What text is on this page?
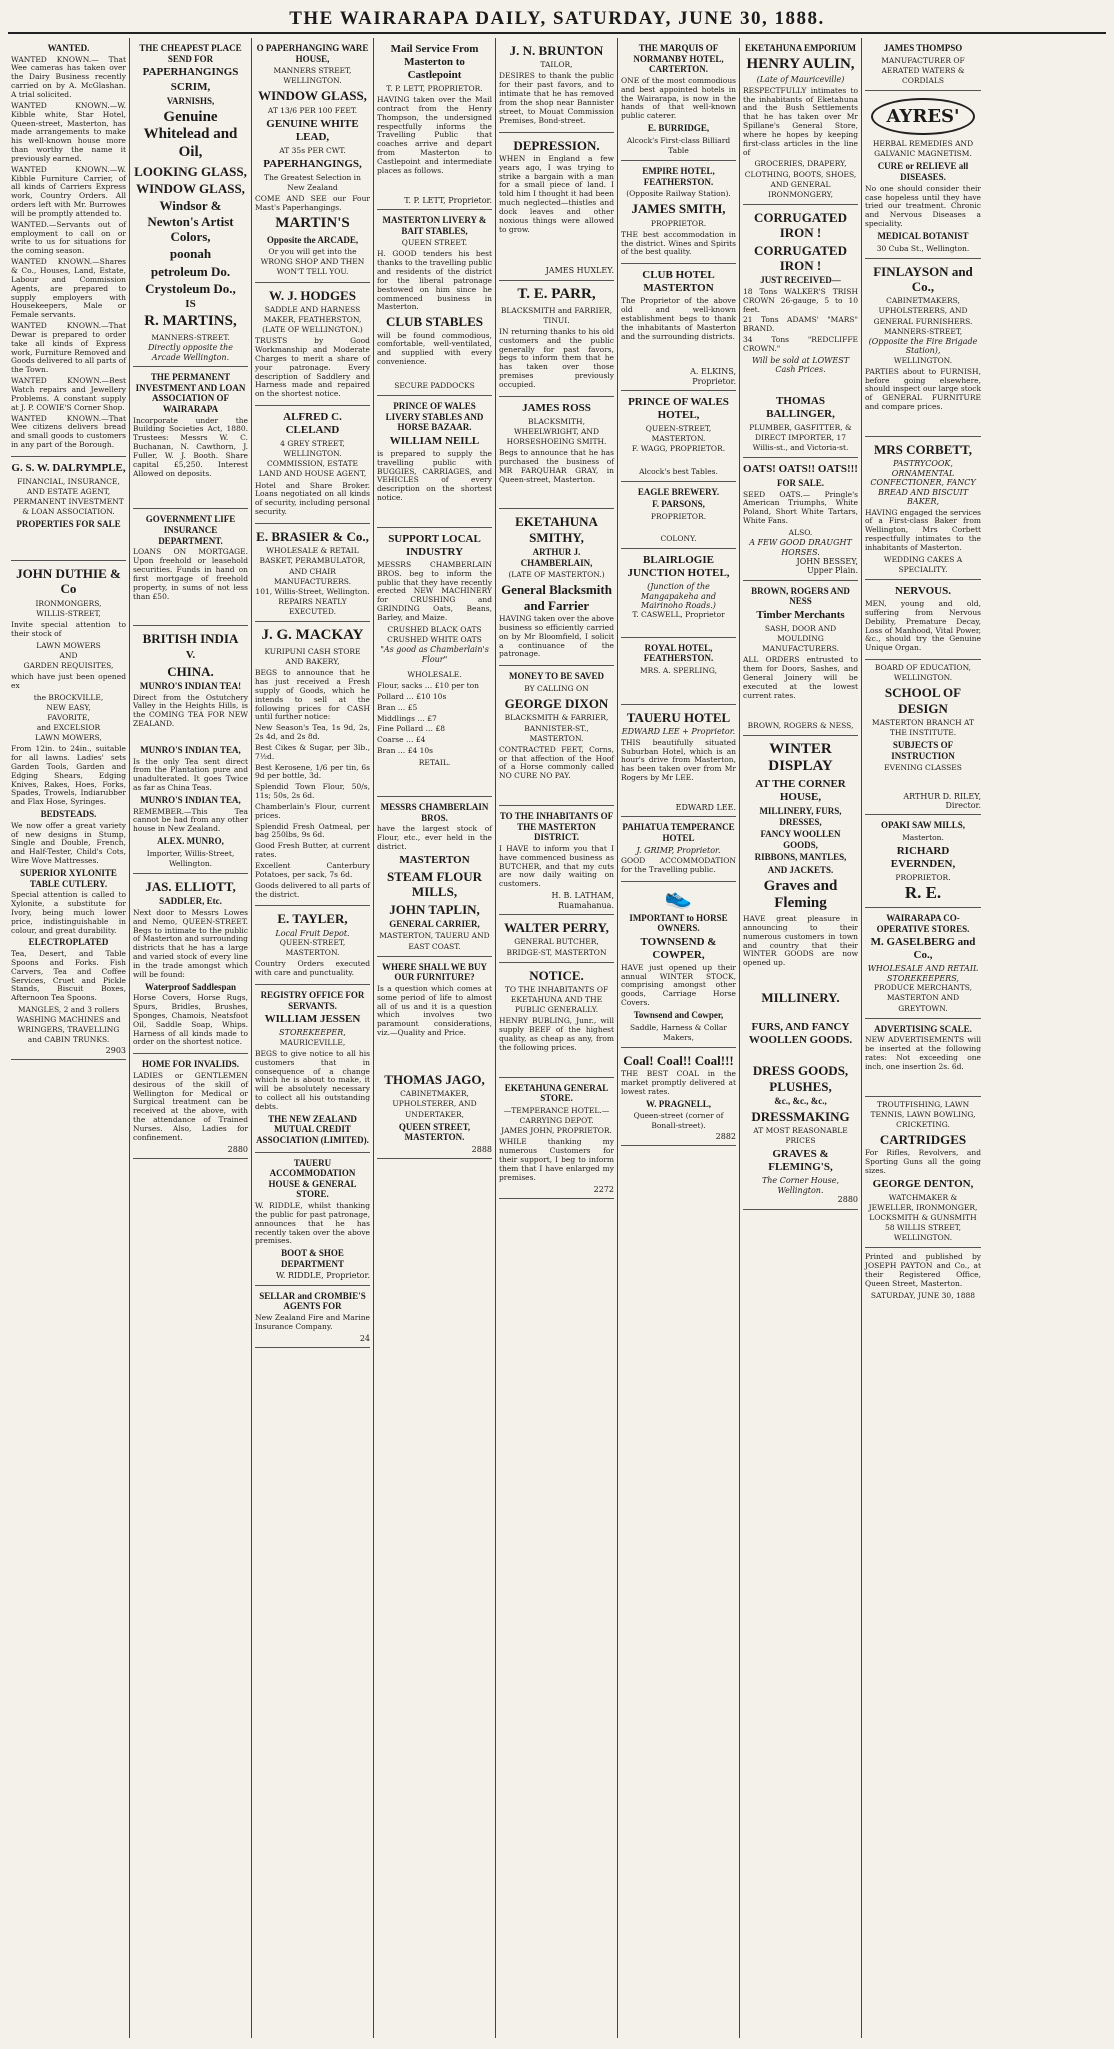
THE WAIRARAPA DAILY, SATURDAY, JUNE 30, 1888.
WANTED.
WANTED KNOWN.— That Wee cameras has taken over the Dairy Business recently carried on by A. McGlashan. A trial solicited.
WANTED KNOWN.—W. Kibble white, Star Hotel, Queen-street, Masterton, has made arrangements to make his well-known house more than worthy the name it previously earned.
WANTED KNOWN.—W. Kibble Furniture Carrier, of all kinds of Carriers Express work, Country Orders. All orders left with Mr. Burrowes will be promptly attended to.
WANTED.—Servants out of employment to call on or write to us for situations for the coming season.
WANTED KNOWN.—Shares & Co., Houses, Land, Estate, Labour and Commission Agents, are prepared to supply employers with Housekeepers, Male or Female servants.
WANTED KNOWN.—That Dewar is prepared to order take all kinds of Express work, Furniture Removed and Goods delivered to all parts of the Town.
WANTED KNOWN.—Best Watch repairs and Jewellery Problems. A constant supply at J. P. COWIE'S Corner Shop.
WANTED KNOWN.—That Wee citizens delivers bread and small goods to customers in any part of the Borough.
G. S. W. DALRYMPLE,
FINANCIAL, INSURANCE, AND ESTATE AGENT, PERMANENT INVESTMENT & LOAN ASSOCIATION.
PROPERTIES FOR SALE
JOHN DUTHIE & Co
IRONMONGERS,
WILLIS-STREET,
Invite special attention to their stock of
LAWN MOWERS
AND
GARDEN REQUISITES,
which have just been opened ex
the BROCKVILLE,
NEW EASY,
FAVORITE,
and EXCELSIOR
LAWN MOWERS,
From 12in. to 24in., suitable for all lawns. Ladies' sets Garden Tools, Garden and Edging Shears, Edging Knives, Rakes, Hoes, Forks, Spades, Trowels, Indiarubber and Flax Hose, Syringes.
BEDSTEADS.
We now offer a great variety of new designs in Stump, Single and Double, French, and Half-Tester, Child's Cots, Wire Wove Mattresses.
SUPERIOR XYLONITE TABLE CUTLERY.
Special attention is called to Xylonite, a substitute for Ivory, being much lower price, indistinguishable in colour, and great durability.
ELECTROPLATED
Tea, Desert, and Table Spoons and Forks. Fish Carvers, Tea and Coffee Services, Cruet and Pickle Stands, Biscuit Boxes, Afternoon Tea Spoons.
MANGLES, 2 and 3 rollers
WASHING MACHINES and WRINGERS, TRAVELLING and CABIN TRUNKS.
2903
THE CHEAPEST PLACE SEND FOR
PAPERHANGINGS
SCRIM,
VARNISHS,
Genuine Whitelead and Oil,
LOOKING GLASS,
WINDOW GLASS,
Windsor & Newton's Artist Colors,
poonah
petroleum Do.
Crystoleum Do.,
IS
R. MARTINS,
MANNERS-STREET.
Directly opposite the Arcade Wellington.
THE PERMANENT INVESTMENT AND LOAN ASSOCIATION OF WAIRARAPA
Incorporate under the Building Societies Act, 1880. Trustees: Messrs W. C. Buchanan, N. Cawthorn, J. Fuller, W. J. Booth. Share capital £5,250. Interest Allowed on deposits.
GOVERNMENT LIFE INSURANCE DEPARTMENT.
LOANS ON MORTGAGE. Upon freehold or leasehold securities. Funds in hand on first mortgage of freehold property, in sums of not less than £50.
BRITISH INDIA
V.
CHINA.
MUNRO'S INDIAN TEA!
Direct from the Ostutchery Valley in the Heights Hills, is the COMING TEA FOR NEW ZEALAND.
MUNRO'S INDIAN TEA,
Is the only Tea sent direct from the Plantation pure and unadulterated. It goes Twice as far as China Teas.
MUNRO'S INDIAN TEA,
REMEMBER.—This Tea cannot be had from any other house in New Zealand.
ALEX. MUNRO,
Importer, Willis-Street, Wellington.
JAS. ELLIOTT,
SADDLER, Etc.
Next door to Messrs Lowes and Nemo, QUEEN-STREET. Begs to intimate to the public of Masterton and surrounding districts that he has a large and varied stock of every line in the trade amongst which will be found:
Waterproof Saddlespan
Horse Covers, Horse Rugs, Spurs, Bridles, Brushes, Sponges, Chamois, Neatsfoot Oil, Saddle Soap, Whips. Harness of all kinds made to order on the shortest notice.
HOME FOR INVALIDS.
LADIES or GENTLEMEN desirous of the skill of Wellington for Medical or Surgical treatment can be received at the above, with the attendance of Trained Nurses. Also, Ladies for confinement.
2880
O PAPERHANGING WARE HOUSE,
MANNERS STREET, WELLINGTON.
WINDOW GLASS,
AT 13/6 PER 100 FEET.
GENUINE WHITE LEAD,
AT 35s PER CWT.
PAPERHANGINGS,
The Greatest Selection in New Zealand
COME AND SEE our Four Mast's Paperhangings.
MARTIN'S
Opposite the ARCADE,
Or you will get into the WRONG SHOP AND THEN WON'T TELL YOU.
W. J. HODGES
SADDLE AND HARNESS MAKER, FEATHERSTON,
(LATE OF WELLINGTON.)
TRUSTS by Good Workmanship and Moderate Charges to merit a share of your patronage. Every description of Saddlery and Harness made and repaired on the shortest notice.
ALFRED C. CLELAND
4 GREY STREET, WELLINGTON.
COMMISSION, ESTATE LAND AND HOUSE AGENT,
Hotel and Share Broker. Loans negotiated on all kinds of security, including personal security.
E. BRASIER & Co.,
WHOLESALE & RETAIL
BASKET, PERAMBULATOR, AND CHAIR MANUFACTURERS.
101, Willis-Street, Wellington.
REPAIRS NEATLY EXECUTED.
J. G. MACKAY
KURIPUNI CASH STORE AND BAKERY,
BEGS to announce that he has just received a Fresh supply of Goods, which he intends to sell at the following prices for CASH until further notice:
New Season's Tea, 1s 9d, 2s, 2s 4d, and 2s 8d.
Best Cikes & Sugar, per 3lb., 7½d.
Best Kerosene, 1/6 per tin, 6s 9d per bottle, 3d.
Splendid Town Flour, 50/s, 11s; 50s, 2s 6d.
Chamberlain's Flour, current prices.
Splendid Fresh Oatmeal, per bag 250lbs, 9s 6d.
Good Fresh Butter, at current rates.
Excellent Canterbury Potatoes, per sack, 7s 6d.
Goods delivered to all parts of the district.
E. TAYLER,
Local Fruit Depot.
QUEEN-STREET, MASTERTON.
Country Orders executed with care and punctuality.
REGISTRY OFFICE FOR SERVANTS.
WILLIAM JESSEN
STOREKEEPER,
MAURICEVILLE,
BEGS to give notice to all his customers that in consequence of a change which he is about to make, it will be absolutely necessary to collect all his outstanding debts.
THE NEW ZEALAND MUTUAL CREDIT ASSOCIATION (LIMITED).
TAUERU ACCOMMODATION HOUSE & GENERAL STORE.
W. RIDDLE, whilst thanking the public for past patronage, announces that he has recently taken over the above premises.
BOOT & SHOE DEPARTMENT
W. RIDDLE, Proprietor.
SELLAR and CROMBIE'S AGENTS FOR
New Zealand Fire and Marine Insurance Company.
24
Mail Service From Masterton to Castlepoint
T. P. LETT, PROPRIETOR.
HAVING taken over the Mail contract from the Henry Thompson, the undersigned respectfully informs the Travelling Public that coaches arrive and depart from Masterton to Castlepoint and intermediate places as follows.
T. P. LETT, Proprietor.
MASTERTON LIVERY & BAIT STABLES,
QUEEN STREET.
H. GOOD tenders his best thanks to the travelling public and residents of the district for the liberal patronage bestowed on him since he commenced business in Masterton.
CLUB STABLES
will be found commodious, comfortable, well-ventilated, and supplied with every convenience.
SECURE PADDOCKS
PRINCE OF WALES LIVERY STABLES AND HORSE BAZAAR.
WILLIAM NEILL
is prepared to supply the travelling public with BUGGIES, CARRIAGES, and VEHICLES of every description on the shortest notice.
SUPPORT LOCAL INDUSTRY
MESSRS CHAMBERLAIN BROS. beg to inform the public that they have recently erected NEW MACHINERY for CRUSHING and GRINDING Oats, Beans, Barley, and Maize.
CRUSHED BLACK OATS
CRUSHED WHITE OATS
"As good as Chamberlain's Flour"
WHOLESALE.
Flour, sacks … £10 per ton
Pollard … £10 10s
Bran … £5
Middlings … £7
Fine Pollard … £8
Coarse … £4
Bran … £4 10s
RETAIL.
MESSRS CHAMBERLAIN BROS.
have the largest stock of Flour, etc., ever held in the district.
MASTERTON
STEAM FLOUR MILLS,
JOHN TAPLIN,
GENERAL CARRIER,
MASTERTON, TAUERU AND EAST COAST.
WHERE SHALL WE BUY OUR FURNITURE?
Is a question which comes at some period of life to almost all of us and it is a question which involves two paramount considerations, viz.—Quality and Price.
THOMAS JAGO,
CABINETMAKER, UPHOLSTERER, AND UNDERTAKER,
QUEEN STREET, MASTERTON.
2888
J. N. BRUNTON
TAILOR,
DESIRES to thank the public for their past favors, and to intimate that he has removed from the shop near Bannister street, to Mouat Commission Premises, Bond-street.
DEPRESSION.
WHEN in England a few years ago, I was trying to strike a bargain with a man for a small piece of land. I told him I thought it had been much neglected—thistles and dock leaves and other noxious things were allowed to grow.
JAMES HUXLEY.
T. E. PARR,
BLACKSMITH and FARRIER,
TINUI.
IN returning thanks to his old customers and the public generally for past favors, begs to inform them that he has taken over those premises previously occupied.
JAMES ROSS
BLACKSMITH, WHEELWRIGHT, AND HORSESHOEING SMITH.
Begs to announce that he has purchased the business of MR FARQUHAR GRAY, in Queen-street, Masterton.
EKETAHUNA SMITHY,
ARTHUR J. CHAMBERLAIN,
(LATE OF MASTERTON.)
General Blacksmith and Farrier
HAVING taken over the above business so efficiently carried on by Mr Bloomfield, I solicit a continuance of the patronage.
MONEY TO BE SAVED
BY CALLING ON
GEORGE DIXON
BLACKSMITH & FARRIER,
BANNISTER-ST., MASTERTON.
CONTRACTED FEET, Corns, or that affection of the Hoof of a Horse commonly called NO CURE NO PAY.
TO THE INHABITANTS OF THE MASTERTON DISTRICT.
I HAVE to inform you that I have commenced business as BUTCHER, and that my cuts are now daily waiting on customers.
H. B. LATHAM,
Ruamahanua.
WALTER PERRY,
GENERAL BUTCHER,
BRIDGE-ST, MASTERTON
NOTICE.
TO THE INHABITANTS OF EKETAHUNA AND THE PUBLIC GENERALLY.
HENRY BUBLING, Junr., will supply BEEF of the highest quality, as cheap as any, from the following prices.
EKETAHUNA GENERAL STORE.
—TEMPERANCE HOTEL.—
CARRYING DEPOT.
JAMES JOHN, PROPRIETOR.
WHILE thanking my numerous Customers for their support, I beg to inform them that I have enlarged my premises.
2272
THE MARQUIS OF NORMANBY HOTEL, CARTERTON.
ONE of the most commodious and best appointed hotels in the Wairarapa, is now in the hands of that well-known public caterer.
E. BURRIDGE,
Alcock's First-class Billiard Table
EMPIRE HOTEL, FEATHERSTON.
(Opposite Railway Station).
JAMES SMITH,
PROPRIETOR.
THE best accommodation in the district. Wines and Spirits of the best quality.
CLUB HOTEL MASTERTON
The Proprietor of the above old and well-known establishment begs to thank the inhabitants of Masterton and the surrounding districts.
A. ELKINS,
Proprietor.
PRINCE OF WALES HOTEL,
QUEEN-STREET, MASTERTON.
F. WAGG, PROPRIETOR.
Alcock's best Tables.
EAGLE BREWERY.
F. PARSONS,
PROPRIETOR.
COLONY.
BLAIRLOGIE JUNCTION HOTEL,
(Junction of the Mangapakeha and Mairinoho Roads.)
T. CASWELL, Proprietor
ROYAL HOTEL, FEATHERSTON.
MRS. A. SPERLING,
TAUERU HOTEL
EDWARD LEE + Proprietor.
THIS beautifully situated Suburban Hotel, which is an hour's drive from Masterton, has been taken over from Mr Rogers by Mr LEE.
EDWARD LEE.
PAHIATUA TEMPERANCE HOTEL
J. GRIMP, Proprietor.
GOOD ACCOMMODATION for the Travelling public.
👟
IMPORTANT to HORSE OWNERS.
TOWNSEND & COWPER,
HAVE just opened up their annual WINTER STOCK, comprising amongst other goods, Carriage Horse Covers.
Townsend and Cowper,
Saddle, Harness & Collar Makers,
Coal! Coal!! Coal!!!
THE BEST COAL in the market promptly delivered at lowest rates.
W. PRAGNELL,
Queen-street (corner of Bonall-street).
2882
EKETAHUNA EMPORIUM
HENRY AULIN,
(Late of Mauriceville)
RESPECTFULLY intimates to the inhabitants of Eketahuna and the Bush Settlements that he has taken over Mr Spillane's General Store, where he hopes by keeping first-class articles in the line of
GROCERIES, DRAPERY, CLOTHING, BOOTS, SHOES, AND GENERAL IRONMONGERY,
CORRUGATED IRON !
CORRUGATED IRON !
JUST RECEIVED—
18 Tons WALKER'S TRISH CROWN 26-gauge, 5 to 10 feet.
21 Tons ADAMS' "MARS" BRAND.
34 Tons "REDCLIFFE CROWN."
Will be sold at LOWEST Cash Prices.
THOMAS BALLINGER,
PLUMBER, GASFITTER, & DIRECT IMPORTER, 17 Willis-st., and Victoria-st.
OATS! OATS!! OATS!!!
FOR SALE.
SEED OATS.— Pringle's American Triumphs, White Poland, Short White Tartars, White Fans.
ALSO.
A FEW GOOD DRAUGHT HORSES.
JOHN BESSEY,
Upper Plain.
BROWN, ROGERS AND NESS
Timber Merchants
SASH, DOOR AND MOULDING MANUFACTURERS.
ALL ORDERS entrusted to them for Doors, Sashes, and General Joinery will be executed at the lowest current rates.
BROWN, ROGERS & NESS,
WINTER DISPLAY
AT THE CORNER HOUSE,
MILLINERY, FURS, DRESSES,
FANCY WOOLLEN GOODS,
RIBBONS, MANTLES,
AND JACKETS.
Graves and Fleming
HAVE great pleasure in announcing to their numerous customers in town and country that their WINTER GOODS are now opened up.
MILLINERY.
FURS, AND FANCY WOOLLEN GOODS.
DRESS GOODS, PLUSHES,
&c., &c., &c.,
DRESSMAKING
AT MOST REASONABLE PRICES
GRAVES & FLEMING'S,
The Corner House, Wellington.
2880
JAMES THOMPSO
MANUFACTURER OF AERATED WATERS & CORDIALS
AYRES'
HERBAL REMEDIES AND GALVANIC MAGNETISM.
CURE or RELIEVE all DISEASES.
No one should consider their case hopeless until they have tried our treatment. Chronic and Nervous Diseases a speciality.
MEDICAL BOTANIST
30 Cuba St., Wellington.
FINLAYSON and Co.,
CABINETMAKERS, UPHOLSTERERS, AND GENERAL FURNISHERS.
MANNERS-STREET,
(Opposite the Fire Brigade Station),
WELLINGTON.
PARTIES about to FURNISH, before going elsewhere, should inspect our large stock of GENERAL FURNITURE and compare prices.
MRS CORBETT,
PASTRYCOOK, ORNAMENTAL CONFECTIONER, FANCY BREAD AND BISCUIT BAKER,
HAVING engaged the services of a First-class Baker from Wellington, Mrs Corbett respectfully intimates to the inhabitants of Masterton.
WEDDING CAKES A SPECIALITY.
NERVOUS.
MEN, young and old, suffering from Nervous Debility, Premature Decay, Loss of Manhood, Vital Power, &c., should try the Genuine Unique Organ.
BOARD OF EDUCATION, WELLINGTON.
SCHOOL OF DESIGN
MASTERTON BRANCH AT THE INSTITUTE.
SUBJECTS OF INSTRUCTION
EVENING CLASSES
ARTHUR D. RILEY,
Director.
OPAKI SAW MILLS,
Masterton.
RICHARD EVERNDEN,
PROPRIETOR.
R. E.
WAIRARAPA CO-OPERATIVE STORES.
M. GASELBERG and Co.,
WHOLESALE AND RETAIL STOREKEEPERS,
PRODUCE MERCHANTS,
MASTERTON AND GREYTOWN.
ADVERTISING SCALE.
NEW ADVERTISEMENTS will be inserted at the following rates: Not exceeding one inch, one insertion 2s. 6d.
TROUTFISHING, LAWN TENNIS, LAWN BOWLING, CRICKETING.
CARTRIDGES
For Rifles, Revolvers, and Sporting Guns all the going sizes.
GEORGE DENTON,
WATCHMAKER & JEWELLER, IRONMONGER,
LOCKSMITH & GUNSMITH
58 WILLIS STREET, WELLINGTON.
Printed and published by JOSEPH PAYTON and Co., at their Registered Office, Queen Street, Masterton.
SATURDAY, JUNE 30, 1888
